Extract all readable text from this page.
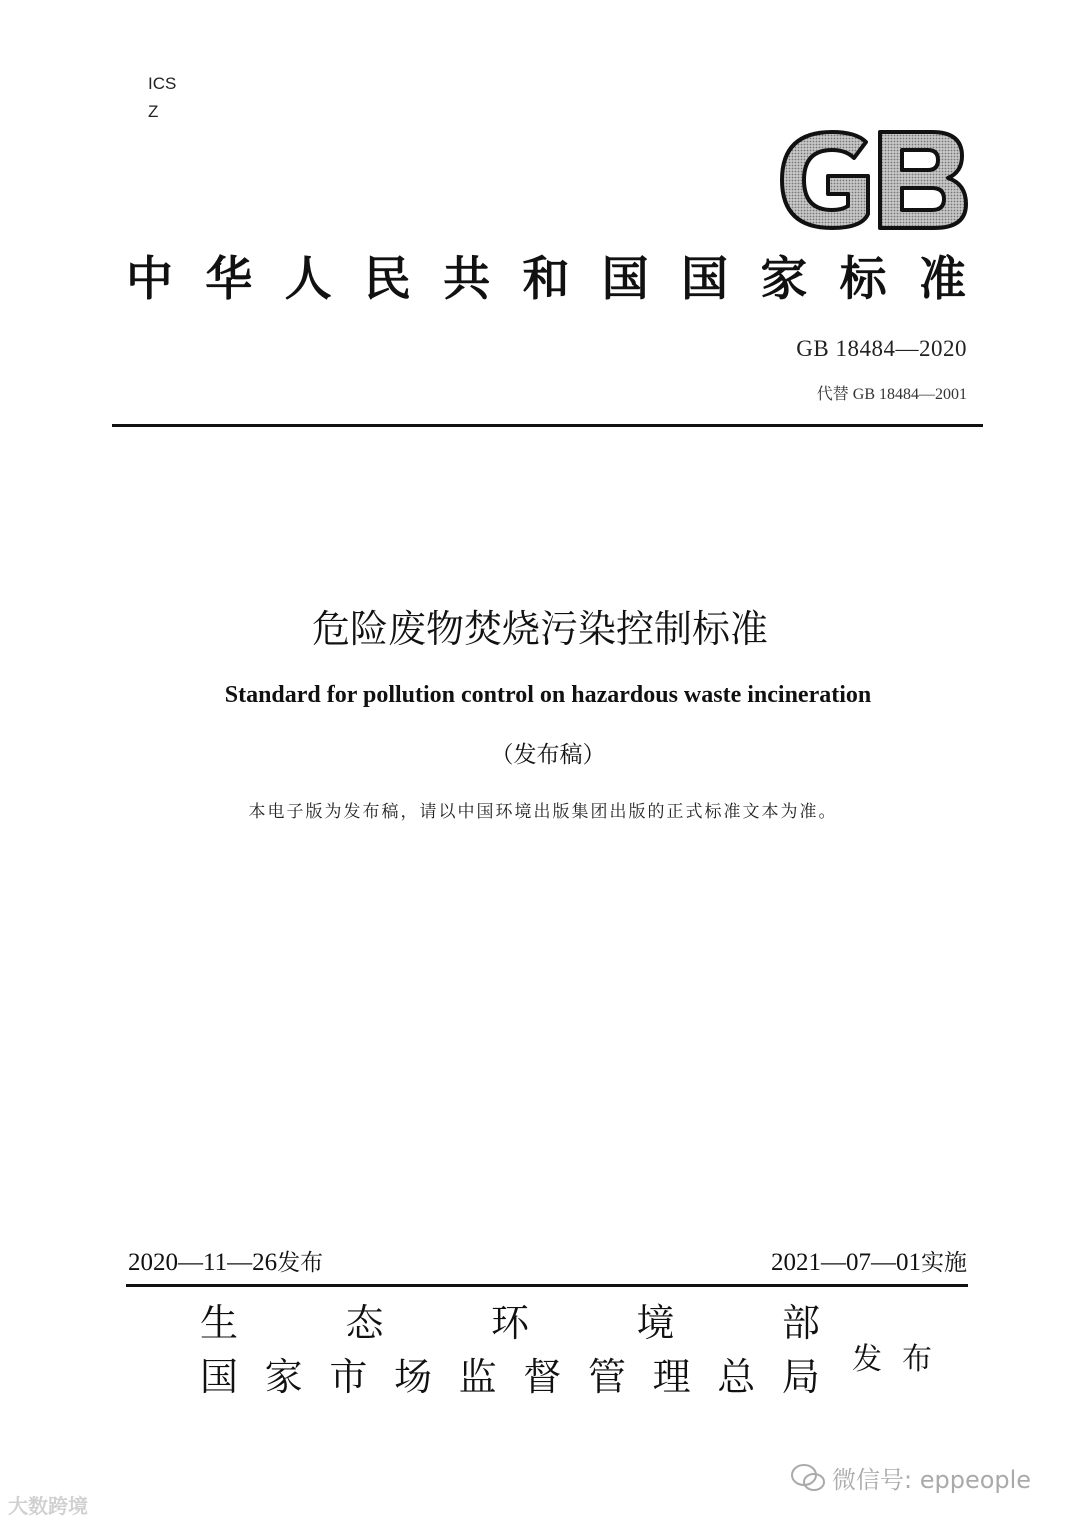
ICS
Z
GB
中 华 人 民 共 和 国 国 家 标 准
GB 18484—2020
代替 GB 18484—2001
危险废物焚烧污染控制标准
Standard for pollution control on hazardous waste incineration
（发布稿）
本电子版为发布稿，请以中国环境出版集团出版的正式标准文本为准。
2020—11—26发布	2021—07—01实施
生	态	环	境	部
国 家 市 场 监 督 管 理 总 局 发 布
大数跨境
微信号: eppeople
